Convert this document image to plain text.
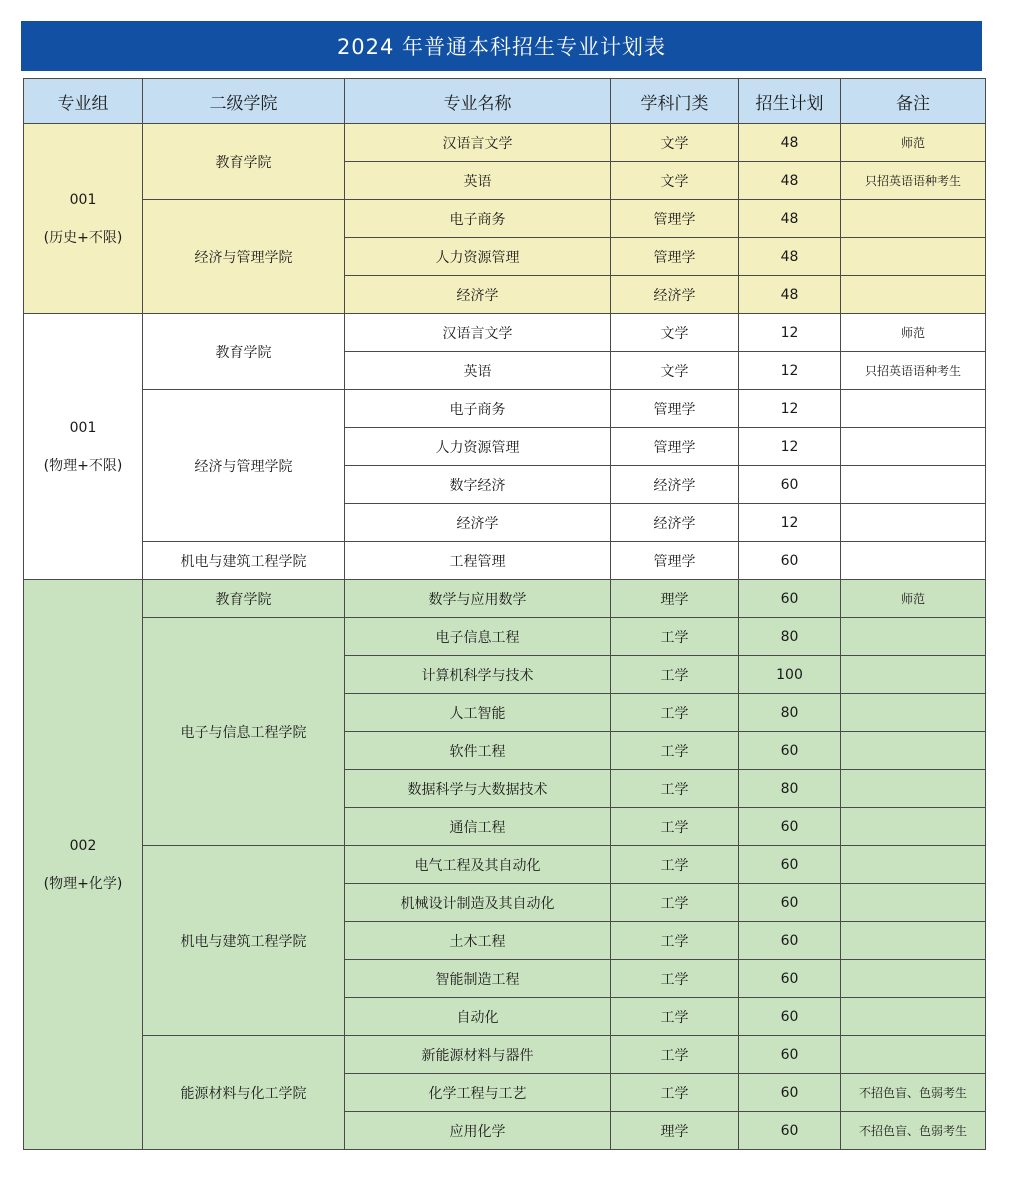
2024 年普通本科招生专业计划表
专业组	二级学院	专业名称	学科门类	招生计划	备注

001
(历史+不限)	教育学院	汉语言文学	文学	48	师范
		英语	文学	48	只招英语语种考生
	经济与管理学院	电子商务	管理学	48	
		人力资源管理	管理学	48	
		经济学	经济学	48	

001
(物理+不限)	教育学院	汉语言文学	文学	12	师范
		英语	文学	12	只招英语语种考生
	经济与管理学院	电子商务	管理学	12	
		人力资源管理	管理学	12	
		数字经济	经济学	60	
		经济学	经济学	12	
	机电与建筑工程学院	工程管理	管理学	60	

002
(物理+化学)	教育学院	数学与应用数学	理学	60	师范
	电子与信息工程学院	电子信息工程	工学	80	
		计算机科学与技术	工学	100	
		人工智能	工学	80	
		软件工程	工学	60	
		数据科学与大数据技术	工学	80	
		通信工程	工学	60	
	机电与建筑工程学院	电气工程及其自动化	工学	60	
		机械设计制造及其自动化	工学	60	
		土木工程	工学	60	
		智能制造工程	工学	60	
		自动化	工学	60	
	能源材料与化工学院	新能源材料与器件	工学	60	
		化学工程与工艺	工学	60	不招色盲、色弱考生
		应用化学	理学	60	不招色盲、色弱考生
